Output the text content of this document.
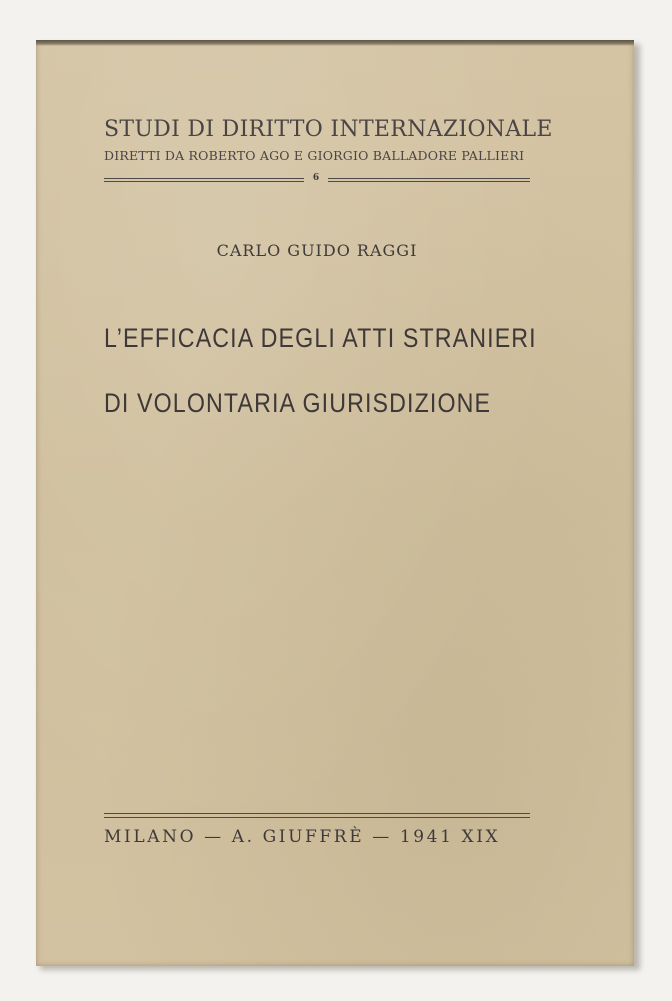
STUDI DI DIRITTO INTERNAZIONALE
DIRETTI DA ROBERTO AGO E GIORGIO BALLADORE PALLIERI
6
CARLO GUIDO RAGGI
L’EFFICACIA DEGLI ATTI STRANIERI
DI VOLONTARIA GIURISDIZIONE
MILANO — A. GIUFFRÈ — 1941 XIX
